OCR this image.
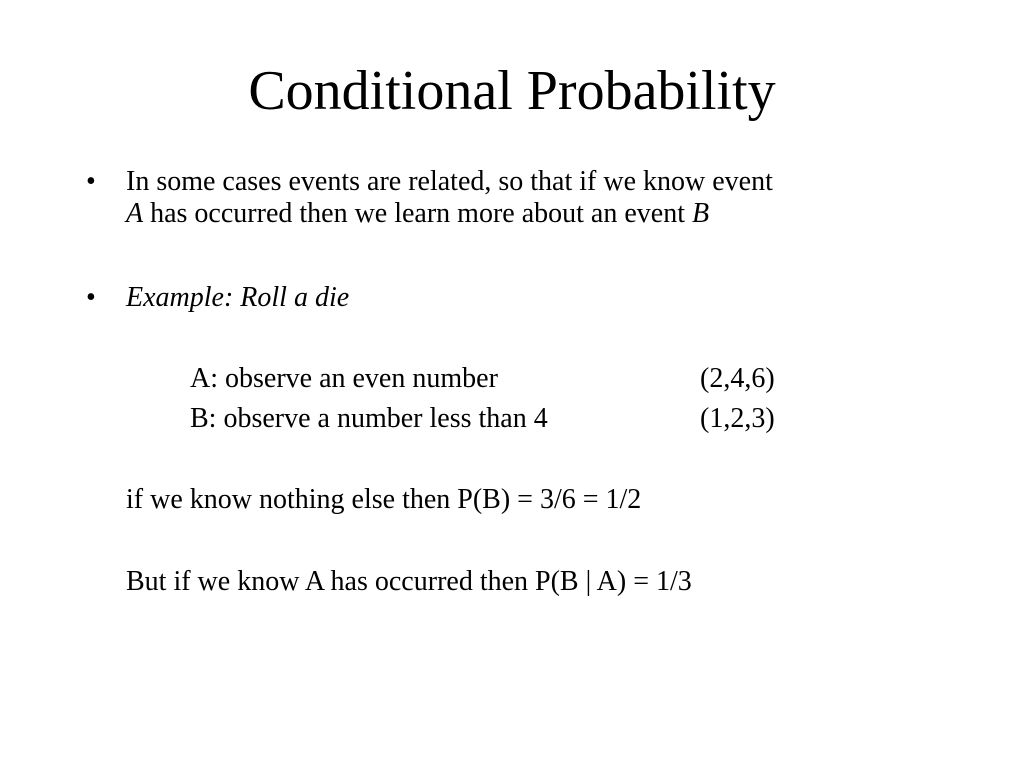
Conditional Probability
• In some cases events are related, so that if we know event
A has occurred then we learn more about an event B
• Example: Roll a die
A: observe an even number	(2,4,6)
B: observe a number less than 4	(1,2,3)
if we know nothing else then P(B) = 3/6 = 1/2
But if we know A has occurred then P(B | A) = 1/3
